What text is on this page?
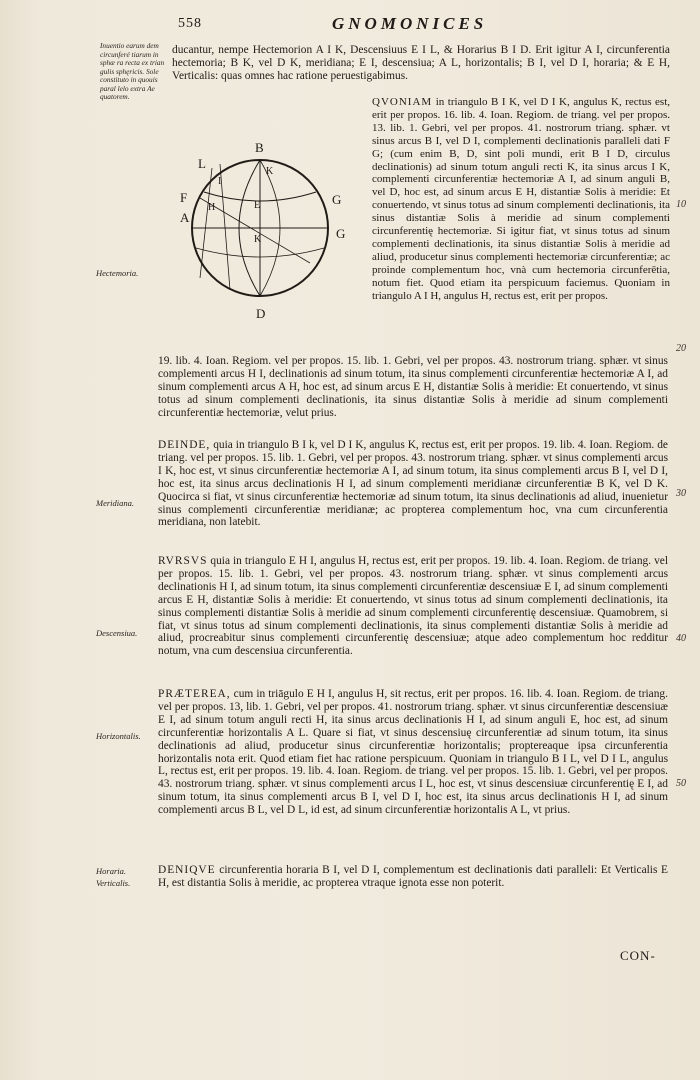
558	GNOMONICES
Inuentio earum dem circunferé tiarum in sphæ ra recta ex trian gulis sphęricis. Sole constituto in quouis paral lelo extra Ae quatorem.

ducantur, nempe Hectemorion A I K, Descensiuus E I L, & Horarius B I D. Erit igitur A I, circunferentia hectemoria; B K, vel D K, meridiana; E I, descensiua; A L, horizontalis; B I, vel D I, horaria; & E H, Verticalis: quas omnes hac ratione peruestigabimus.

B
L
I
K
H	E
A
F	G
G
D
K
Hectemoria.
QVONIAM in triangulo B I K, vel D I K, angulus K, rectus est, erit per propos. 16. lib. 4. Ioan. Regiom. de triang. vel per propos. 13. lib. 1. Gebri, vel per propos. 41. nostrorum triang. sphær. vt sinus arcus B I, vel D I, complementi declinationis paralleli dati F G; (cum enim B, D, sint poli mundi, erit B I D, circulus declinationis) ad sinum totum anguli recti K, ita sinus arcus I K, complementi circunferentiæ hectemoriæ A I, ad sinum anguli B, vel D, hoc est, ad sinum arcus E H, distantiæ Solis à meridie: Et conuertendo, vt sinus totus ad sinum complementi declinationis, ita sinus distantiæ Solis à meridie ad sinum complementi circunferentię hectemoriæ. Si igitur fiat, vt sinus totus ad sinum complementi declinationis, ita sinus distantiæ Solis à meridie ad aliud, producetur sinus complementi hectemoriæ circunferentiæ; ac proinde complementum hoc, vnà cum hectemoria circunferētia, notum fiet. Quod etiam ita perspicuum faciemus. Quoniam in triangulo A I H, angulus H, rectus est, erit per propos.

19. lib. 4. Ioan. Regiom. vel per propos. 15. lib. 1. Gebri, vel per propos. 43. nostrorum triang. sphær. vt sinus complementi arcus H I, declinationis ad sinum totum, ita sinus complementi circunferentiæ hectemoriæ A I, ad sinum complementi arcus A H, hoc est, ad sinum arcus E H, distantiæ Solis à meridie: Et conuertendo, vt sinus totus ad sinum complementi declinationis, ita sinus distantiæ Solis à meridie ad sinum complementi circunferentiæ hectemoriæ, velut prius.

DEINDE, quia in triangulo B I k, vel D I K, angulus K, rectus est, erit per propos. 19. lib. 4. Ioan. Regiom. de triang. vel per propos. 15. lib. 1. Gebri, vel per propos. 43. nostrorum triang. sphær. vt sinus complementi arcus I K, hoc est, vt sinus circunferentiæ hectemoriæ A I, ad sinum totum, ita sinus complementi arcus B I, vel D I, hoc est, ita sinus arcus declinationis H I, ad sinum complementi meridianæ circunferentiæ B K, vel D K. Quocirca si fiat, vt sinus circunferentiæ hectemoriæ ad sinum totum, ita sinus declinationis ad aliud, inuenietur sinus complementi circunferentiæ meridianæ; ac propterea complementum hoc, vna cum circunferentia meridiana, non latebit.

Meridiana.

RVRSVS quia in triangulo E H I, angulus H, rectus est, erit per propos. 19. lib. 4. Ioan. Regiom. de triang. vel per propos. 15. lib. 1. Gebri, vel per propos. 43. nostrorum triang. sphær. vt sinus complementi arcus declinationis H I, ad sinum totum, ita sinus complementi circunferentiæ descensiuæ E I, ad sinum complementi arcus E H, distantiæ Solis à meridie: Et conuertendo, vt sinus totus ad sinum complementi declinationis, ita sinus complementi distantiæ Solis à meridie ad sinum complementi circunferentię descensiuæ. Quamobrem, si fiat, vt sinus totus ad sinum complementi declinationis, ita sinus complementi distantiæ Solis à meridie ad aliud, procreabitur sinus complementi circunferentię descensiuæ; atque adeo complementum hoc redditur notum, vna cum descensiua circunferentia.

Descensiua.

PRÆTEREA, cum in triāgulo E H I, angulus H, sit rectus, erit per propos. 16. lib. 4. Ioan. Regiom. de triang. vel per propos. 13, lib. 1. Gebri, vel per propos. 41. nostrorum triang. sphær. vt sinus circunferentiæ descensiuæ E I, ad sinum totum anguli recti H, ita sinus arcus declinationis H I, ad sinum anguli E, hoc est, ad sinum circunferentiæ horizontalis A L. Quare si fiat, vt sinus descensiuę circunferentiæ ad sinum totum, ita sinus declinationis ad aliud, producetur sinus circunferentiæ horizontalis; proptereaque ipsa circunferentia horizontalis nota erit. Quod etiam fiet hac ratione perspicuum. Quoniam in triangulo B I L, vel D I L, angulus L, rectus est, erit per propos. 19. lib. 4. Ioan. Regiom. de triang. vel per propos. 15. lib. 1. Gebri, vel per propos. 43. nostrorum triang. sphær. vt sinus complementi arcus I L, hoc est, vt sinus descensiuæ circunferentię E I, ad sinum totum, ita sinus complementi arcus B I, vel D I, hoc est, ita sinus arcus declinationis H I, ad sinum complementi arcus B L, vel D L, id est, ad sinum circunferentiæ horizontalis A L, vt prius.

Horizontalis.

DENIQVE circunferentia horaria B I, vel D I, complementum est declinationis dati paralleli: Et Verticalis E H, est distantia Solis à meridie, ac propterea vtraque ignota esse non poterit.

Horaria.
Verticalis.
10
20
30
40
50
CON-
